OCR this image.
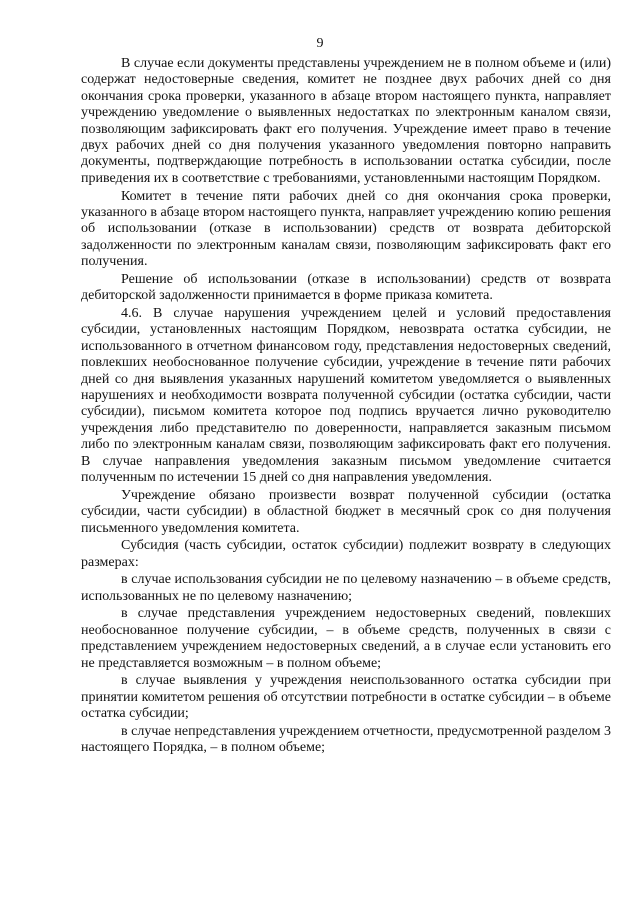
9

В случае если документы представлены учреждением не в полном объеме и (или) содержат недостоверные сведения, комитет не позднее двух рабочих дней со дня окончания срока проверки, указанного в абзаце втором настоящего пункта, направляет учреждению уведомление о выявленных недостатках по электронным каналом связи, позволяющим зафиксировать факт его получения. Учреждение имеет право в течение двух рабочих дней со дня получения указанного уведомления повторно направить документы, подтверждающие потребность в использовании остатка субсидии, после приведения их в соответствие с требованиями, установленными настоящим Порядком.

Комитет в течение пяти рабочих дней со дня окончания срока проверки, указанного в абзаце втором настоящего пункта, направляет учреждению копию решения об использовании (отказе в использовании) средств от возврата дебиторской задолженности по электронным каналам связи, позволяющим зафиксировать факт его получения.

Решение об использовании (отказе в использовании) средств от возврата дебиторской задолженности принимается в форме приказа комитета.

4.6. В случае нарушения учреждением целей и условий предоставления субсидии, установленных настоящим Порядком, невозврата остатка субсидии, не использованного в отчетном финансовом году, представления недостоверных сведений, повлекших необоснованное получение субсидии, учреждение в течение пяти рабочих дней со дня выявления указанных нарушений комитетом уведомляется о выявленных нарушениях и необходимости возврата полученной субсидии (остатка субсидии, части субсидии), письмом комитета которое под подпись вручается лично руководителю учреждения либо представителю по доверенности, направляется заказным письмом либо по электронным каналам связи, позволяющим зафиксировать факт его получения. В случае направления уведомления заказным письмом уведомление считается полученным по истечении 15 дней со дня направления уведомления.

Учреждение обязано произвести возврат полученной субсидии (остатка субсидии, части субсидии) в областной бюджет в месячный срок со дня получения письменного уведомления комитета.

Субсидия (часть субсидии, остаток субсидии) подлежит возврату в следующих размерах:

в случае использования субсидии не по целевому назначению – в объеме средств, использованных не по целевому назначению;

в случае представления учреждением недостоверных сведений, повлекших необоснованное получение субсидии, – в объеме средств, полученных в связи с представлением учреждением недостоверных сведений, а в случае если установить его не представляется возможным – в полном объеме;

в случае выявления у учреждения неиспользованного остатка субсидии при принятии комитетом решения об отсутствии потребности в остатке субсидии – в объеме остатка субсидии;

в случае непредставления учреждением отчетности, предусмотренной разделом 3 настоящего Порядка, – в полном объеме;
